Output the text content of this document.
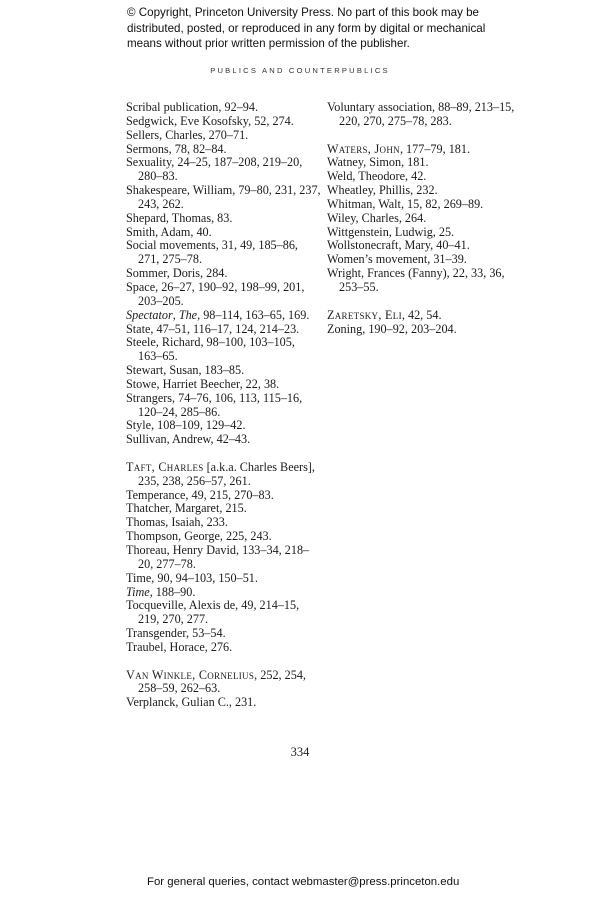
© Copyright, Princeton University Press. No part of this book may be distributed, posted, or reproduced in any form by digital or mechanical means without prior written permission of the publisher.
PUBLICS AND COUNTERPUBLICS
Scribal publication, 92–94.
Sedgwick, Eve Kosofsky, 52, 274.
Sellers, Charles, 270–71.
Sermons, 78, 82–84.
Sexuality, 24–25, 187–208, 219–20, 280–83.
Shakespeare, William, 79–80, 231, 237, 243, 262.
Shepard, Thomas, 83.
Smith, Adam, 40.
Social movements, 31, 49, 185–86, 271, 275–78.
Sommer, Doris, 284.
Space, 26–27, 190–92, 198–99, 201, 203–205.
Spectator, The, 98–114, 163–65, 169.
State, 47–51, 116–17, 124, 214–23.
Steele, Richard, 98–100, 103–105, 163–65.
Stewart, Susan, 183–85.
Stowe, Harriet Beecher, 22, 38.
Strangers, 74–76, 106, 113, 115–16, 120–24, 285–86.
Style, 108–109, 129–42.
Sullivan, Andrew, 42–43.
Taft, Charles [a.k.a. Charles Beers], 235, 238, 256–57, 261.
Temperance, 49, 215, 270–83.
Thatcher, Margaret, 215.
Thomas, Isaiah, 233.
Thompson, George, 225, 243.
Thoreau, Henry David, 133–34, 218–20, 277–78.
Time, 90, 94–103, 150–51.
Time, 188–90.
Tocqueville, Alexis de, 49, 214–15, 219, 270, 277.
Transgender, 53–54.
Traubel, Horace, 276.
Van Winkle, Cornelius, 252, 254, 258–59, 262–63.
Verplanck, Gulian C., 231.
Voluntary association, 88–89, 213–15, 220, 270, 275–78, 283.
Waters, John, 177–79, 181.
Watney, Simon, 181.
Weld, Theodore, 42.
Wheatley, Phillis, 232.
Whitman, Walt, 15, 82, 269–89.
Wiley, Charles, 264.
Wittgenstein, Ludwig, 25.
Wollstonecraft, Mary, 40–41.
Women’s movement, 31–39.
Wright, Frances (Fanny), 22, 33, 36, 253–55.
Zaretsky, Eli, 42, 54.
Zoning, 190–92, 203–204.
334
For general queries, contact webmaster@press.princeton.edu
